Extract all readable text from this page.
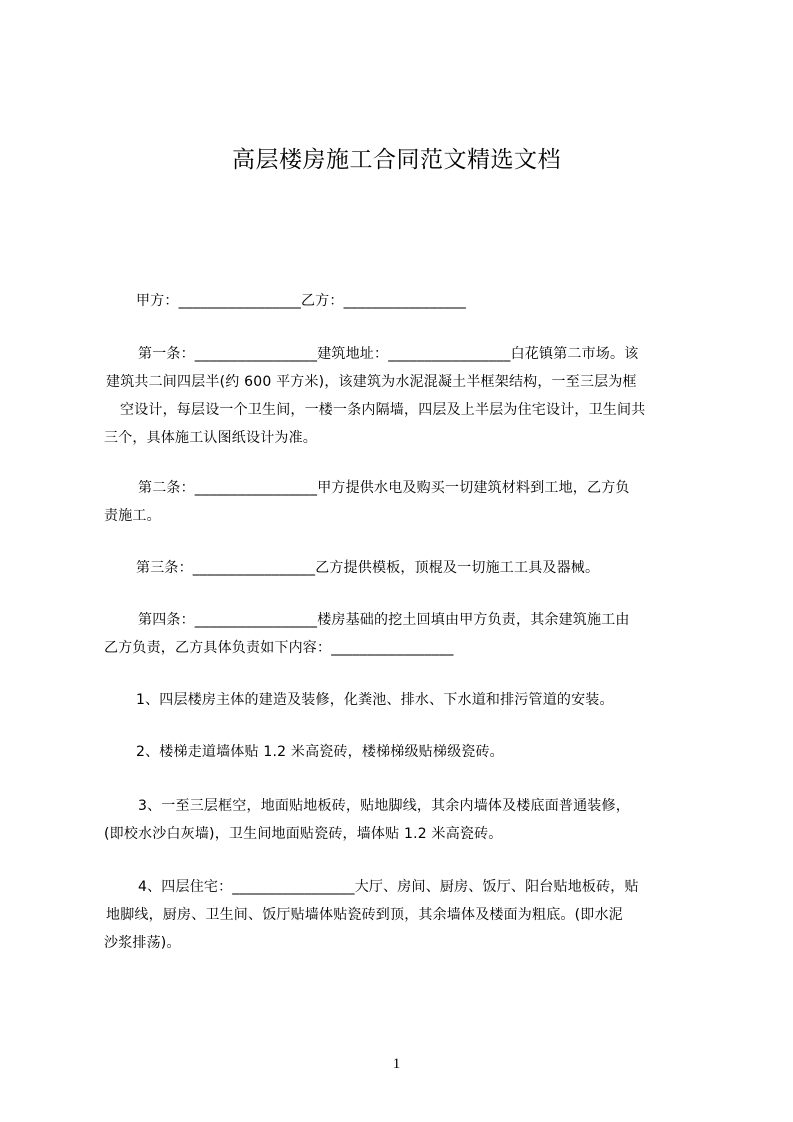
高层楼房施工合同范文精选文档
甲方：_________________乙方：_________________
第一条：_________________建筑地址：_________________白花镇第二市场。该
建筑共二间四层半(约 600 平方米)，该建筑为水泥混凝土半框架结构，一至三层为框
空设计，每层设一个卫生间，一楼一条内隔墙，四层及上半层为住宅设计，卫生间共
三个，具体施工认图纸设计为准。
第二条：_________________甲方提供水电及购买一切建筑材料到工地，乙方负
责施工。
第三条：_________________乙方提供模板，顶棍及一切施工工具及器械。
第四条：_________________楼房基础的挖土回填由甲方负责，其余建筑施工由
乙方负责，乙方具体负责如下内容：_________________
1、四层楼房主体的建造及装修，化粪池、排水、下水道和排污管道的安装。
2、楼梯走道墙体贴 1.2 米高瓷砖，楼梯梯级贴梯级瓷砖。
3、一至三层框空，地面贴地板砖，贴地脚线，其余内墙体及楼底面普通装修，
(即校水沙白灰墙)，卫生间地面贴瓷砖，墙体贴 1.2 米高瓷砖。
4、四层住宅：_________________大厅、房间、厨房、饭厅、阳台贴地板砖，贴
地脚线，厨房、卫生间、饭厅贴墙体贴瓷砖到顶，其余墙体及楼面为粗底。(即水泥
沙浆排荡)。
1
